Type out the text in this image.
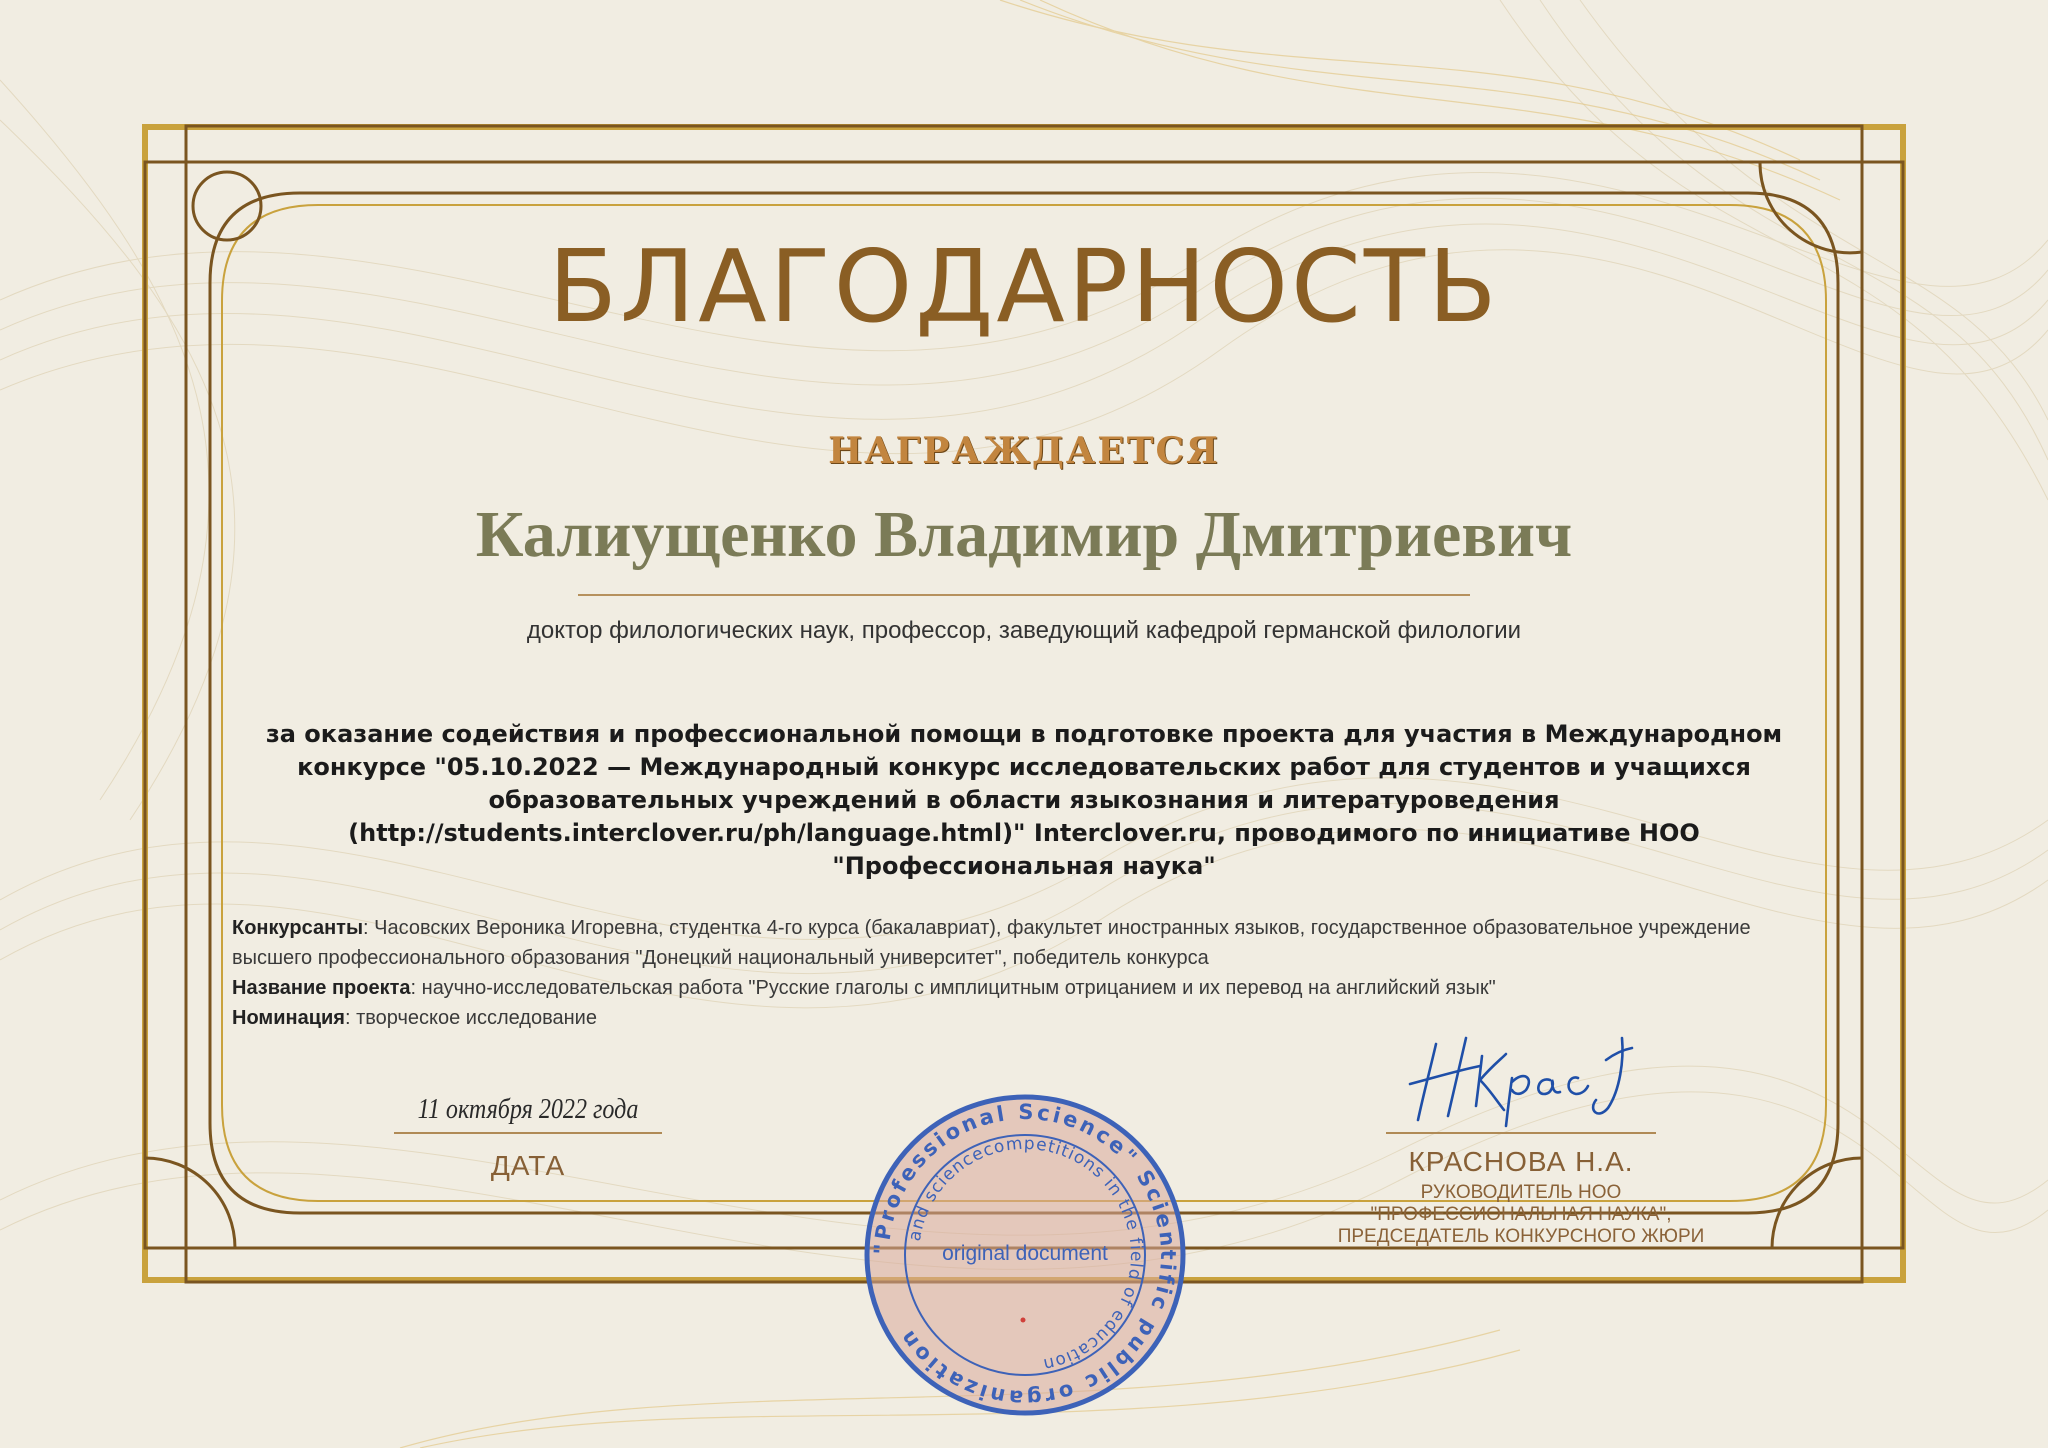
БЛАГОДАРНОСТЬ
НАГРАЖДАЕТСЯ
Калиущенко Владимир Дмитриевич
доктор филологических наук, профессор, заведующий кафедрой германской филологии
за оказание содействия и профессиональной помощи в подготовке проекта для участия в Международном конкурсе "05.10.2022 — Международный конкурс исследовательских работ для студентов и учащихся образовательных учреждений в области языкознания и литературоведения (http://students.interclover.ru/ph/language.html)" Interclover.ru, проводимого по инициативе НОО "Профессиональная наука"
Конкурсанты: Часовских Вероника Игоревна, студентка 4-го курса (бакалавриат), факультет иностранных языков, государственное образовательное учреждение высшего профессионального образования "Донецкий национальный университет", победитель конкурса
Название проекта: научно-исследовательская работа "Русские глаголы с имплицитным отрицанием и их перевод на английский язык"
Номинация: творческое исследование
11 октября 2022 года
ДАТА	КРАСНОВА Н.А.
РУКОВОДИТЕЛЬ НОО "ПРОФЕССИОНАЛЬНАЯ НАУКА", ПРЕДСЕДАТЕЛЬ КОНКУРСНОГО ЖЮРИ
"Professional Science" Scientific public organization
and sciencecompetitions in the field of education
original document
